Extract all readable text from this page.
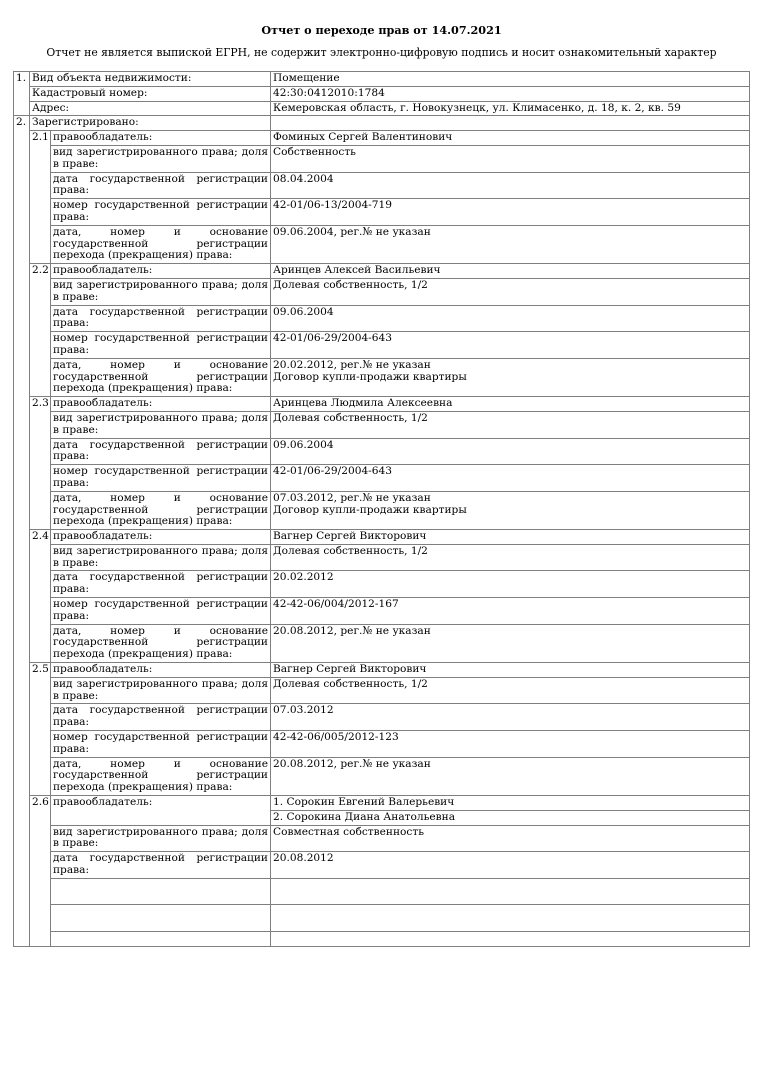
Отчет о переходе прав от 14.07.2021
Отчет не является выпиской ЕГРН, не содержит электронно-цифровую подпись и носит ознакомительный характер
1.	Вид объекта недвижимости:		Помещение
	Кадастровый номер:		42:30:0412010:1784
	Адрес:		Кемеровская область, г. Новокузнецк, ул. Климасенко, д. 18, к. 2, кв. 59
2.	Зарегистрировано:		
	2.1	правообладатель:	Фоминых Сергей Валентинович
		вид зарегистрированного права; доля в праве:	Собственность
		дата государственной регистрации права:	08.04.2004
		номер государственной регистрации права:	42-01/06-13/2004-719
		дата, номер и основание государственной регистрации перехода (прекращения) права:	09.06.2004, рег.№ не указан

	2.2	правообладатель:	Аринцев Алексей Васильевич
		вид зарегистрированного права; доля в праве:	Долевая собственность, 1/2
		дата государственной регистрации права:	09.06.2004
		номер государственной регистрации права:	42-01/06-29/2004-643
		дата, номер и основание государственной регистрации перехода (прекращения) права:	20.02.2012, рег.№ не указан
Договор купли-продажи квартиры

	2.3	правообладатель:	Аринцева Людмила Алексеевна
		вид зарегистрированного права; доля в праве:	Долевая собственность, 1/2
		дата государственной регистрации права:	09.06.2004
		номер государственной регистрации права:	42-01/06-29/2004-643
		дата, номер и основание государственной регистрации перехода (прекращения) права:	07.03.2012, рег.№ не указан
Договор купли-продажи квартиры

	2.4	правообладатель:	Вагнер Сергей Викторович
		вид зарегистрированного права; доля в праве:	Долевая собственность, 1/2
		дата государственной регистрации права:	20.02.2012
		номер государственной регистрации права:	42-42-06/004/2012-167
		дата, номер и основание государственной регистрации перехода (прекращения) права:	20.08.2012, рег.№ не указан

	2.5	правообладатель:	Вагнер Сергей Викторович
		вид зарегистрированного права; доля в праве:	Долевая собственность, 1/2
		дата государственной регистрации права:	07.03.2012
		номер государственной регистрации права:	42-42-06/005/2012-123
		дата, номер и основание государственной регистрации перехода (прекращения) права:	20.08.2012, рег.№ не указан

	2.6	правообладатель:	1. Сорокин Евгений Валерьевич
			2. Сорокина Диана Анатольевна
		вид зарегистрированного права; доля в праве:	Совместная собственность
		дата государственной регистрации права:	20.08.2012
